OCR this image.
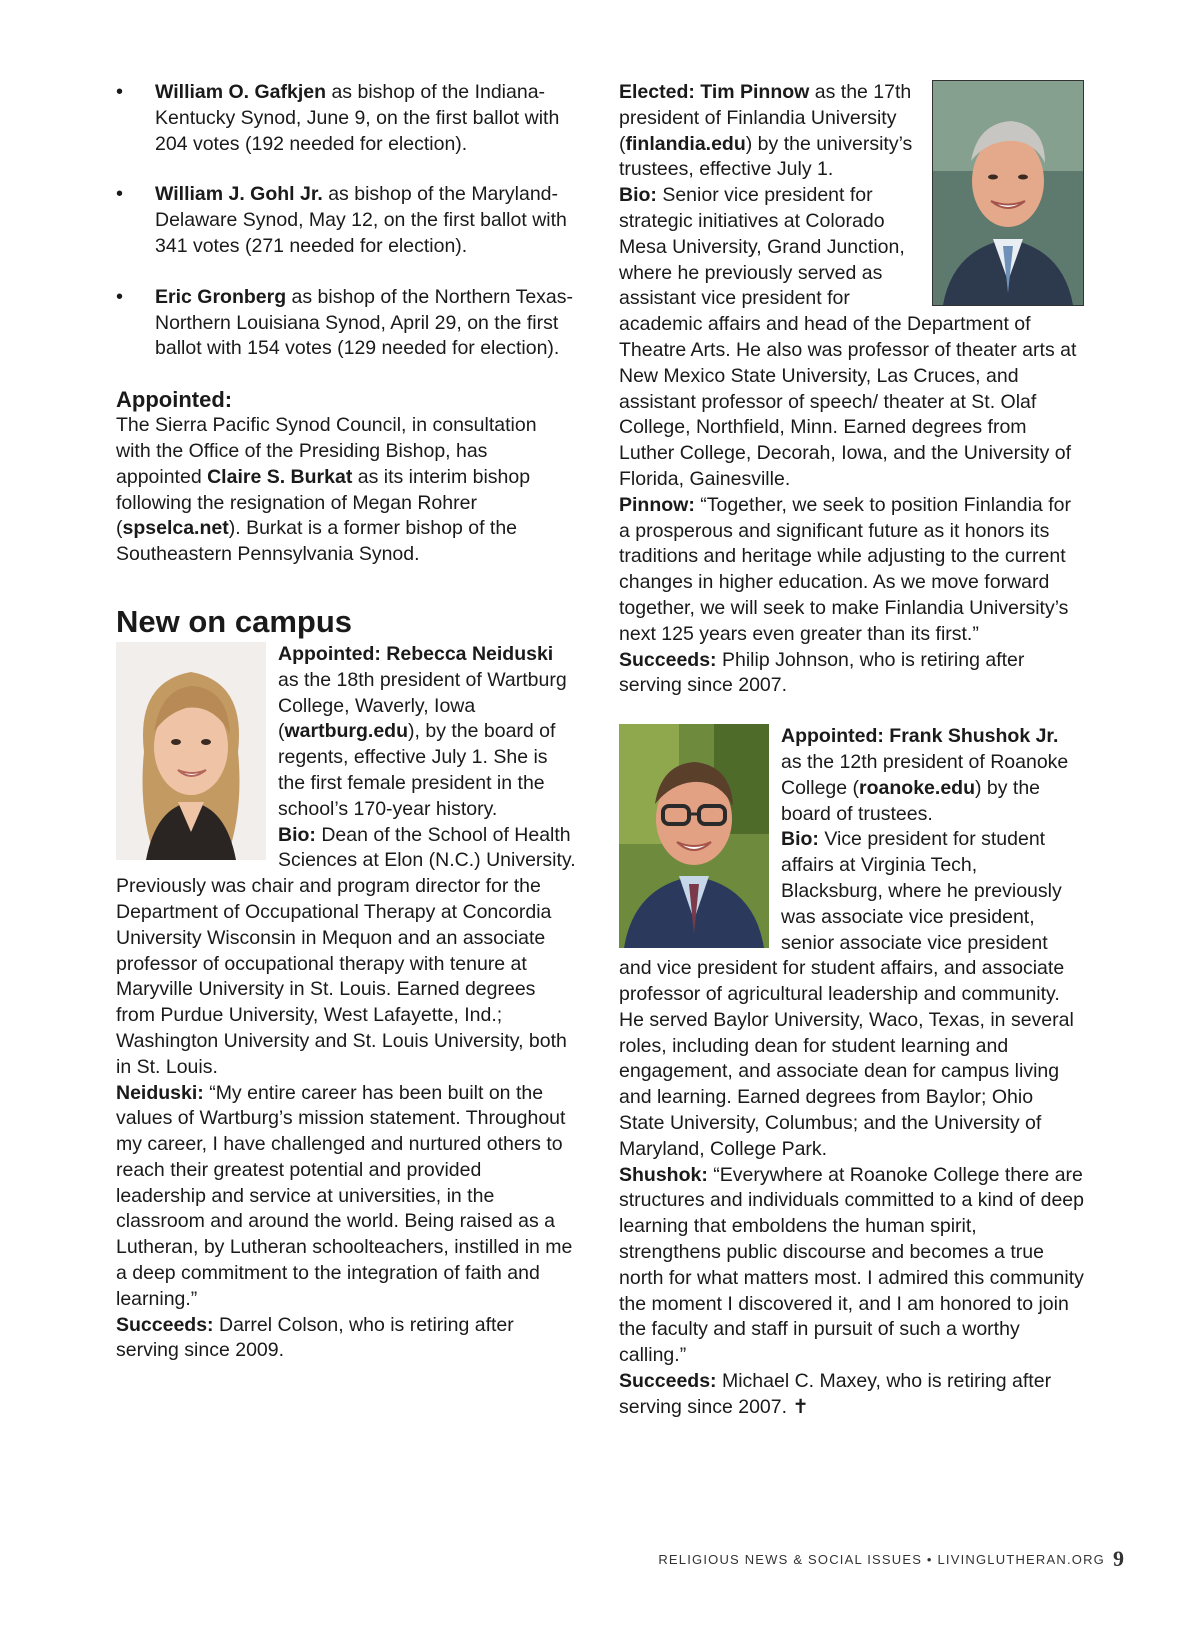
• William O. Gafkjen as bishop of the Indiana-Kentucky Synod, June 9, on the first ballot with 204 votes (192 needed for election).
• William J. Gohl Jr. as bishop of the Maryland-Delaware Synod, May 12, on the first ballot with 341 votes (271 needed for election).
• Eric Gronberg as bishop of the Northern Texas-Northern Louisiana Synod, April 29, on the first ballot with 154 votes (129 needed for election).
Appointed:

The Sierra Pacific Synod Council, in consultation with the Office of the Presiding Bishop, has appointed Claire S. Burkat as its interim bishop following the resignation of Megan Rohrer (spselca.net). Burkat is a former bishop of the Southeastern Pennsylvania Synod.

New on campus

Appointed: Rebecca Neiduski as the 18th president of Wartburg College, Waverly, Iowa (wartburg.edu), by the board of regents, effective July 1. She is the first female president in the school’s 170-year history.
Bio: Dean of the School of Health Sciences at Elon (N.C.) University. Previously was chair and program director for the Department of Occupational Therapy at Concordia University Wisconsin in Mequon and an associate professor of occupational therapy with tenure at Maryville University in St. Louis. Earned degrees from Purdue University, West Lafayette, Ind.; Washington University and St. Louis University, both in St. Louis.
Neiduski: “My entire career has been built on the values of Wartburg’s mission statement. Throughout my career, I have challenged and nurtured others to reach their greatest potential and provided leadership and service at universities, in the classroom and around the world. Being raised as a Lutheran, by Lutheran schoolteachers, instilled in me a deep commitment to the integration of faith and learning.”
Succeeds: Darrel Colson, who is retiring after serving since 2009.

Elected: Tim Pinnow as the 17th president of Finlandia University (finlandia.edu) by the university’s trustees, effective July 1.
Bio: Senior vice president for strategic initiatives at Colorado Mesa University, Grand Junction, where he previously served as assistant vice president for academic affairs and head of the Department of Theatre Arts. He also was professor of theater arts at New Mexico State University, Las Cruces, and assistant professor of speech/ theater at St. Olaf College, Northfield, Minn. Earned degrees from Luther College, Decorah, Iowa, and the University of Florida, Gainesville.
Pinnow: “Together, we seek to position Finlandia for a prosperous and significant future as it honors its traditions and heritage while adjusting to the current changes in higher education. As we move forward together, we will seek to make Finlandia University’s next 125 years even greater than its first.”
Succeeds: Philip Johnson, who is retiring after serving since 2007.

Appointed: Frank Shushok Jr. as the 12th president of Roanoke College (roanoke.edu) by the board of trustees.
Bio: Vice president for student affairs at Virginia Tech, Blacksburg, where he previously was associate vice president, senior associate vice president and vice president for student affairs, and associate professor of agricultural leadership and community. He served Baylor University, Waco, Texas, in several roles, including dean for student learning and engagement, and associate dean for campus living and learning. Earned degrees from Baylor; Ohio State University, Columbus; and the University of Maryland, College Park.
Shushok: “Everywhere at Roanoke College there are structures and individuals committed to a kind of deep learning that emboldens the human spirit, strengthens public discourse and becomes a true north for what matters most. I admired this community the moment I discovered it, and I am honored to join the faculty and staff in pursuit of such a worthy calling.”
Succeeds: Michael C. Maxey, who is retiring after serving since 2007. ✝

RELIGIOUS NEWS & SOCIAL ISSUES • LIVINGLUTHERAN.ORG 9
